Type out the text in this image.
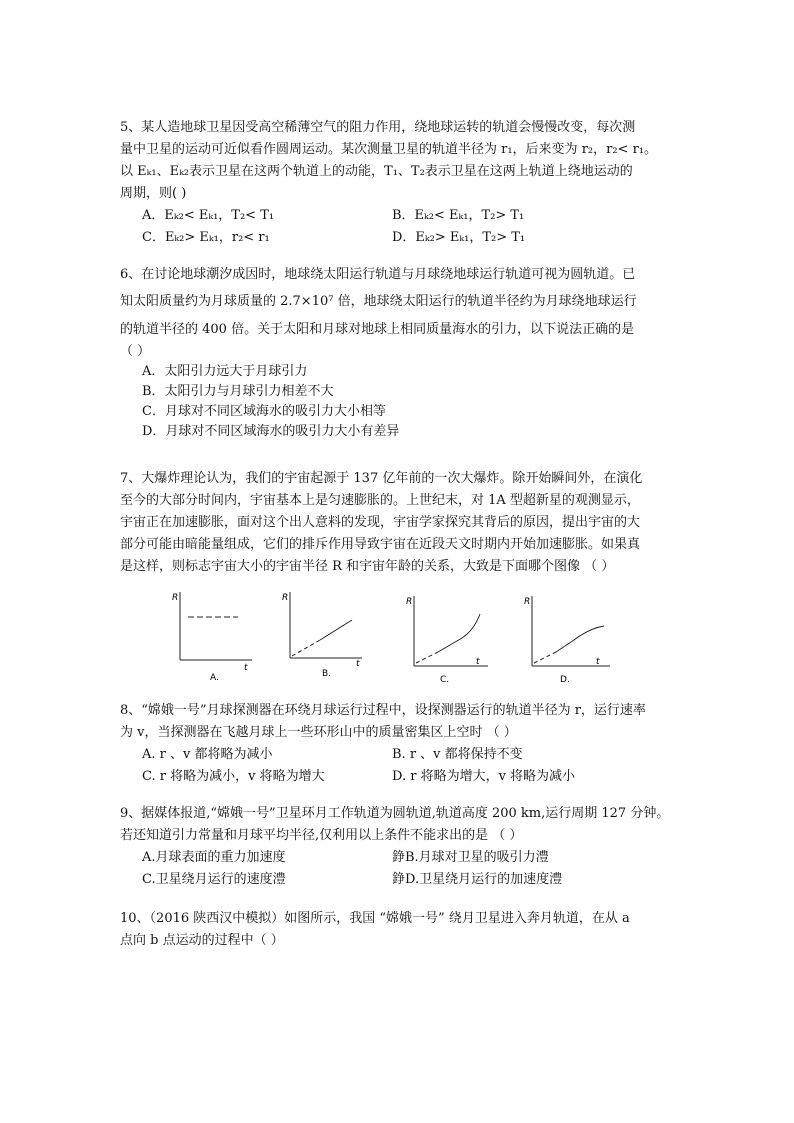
5、某人造地球卫星因受高空稀薄空气的阻力作用，绕地球运转的轨道会慢慢改变，每次测

量中卫星的运动可近似看作圆周运动。某次测量卫星的轨道半径为 r₁，后来变为 r₂，r₂< r₁。

以 Eₖ₁、Eₖ₂表示卫星在这两个轨道上的动能，T₁、T₂表示卫星在这两上轨道上绕地运动的

周期，则( )

A．Eₖ₂< Eₖ₁，T₂< T₁	B．Eₖ₂< Eₖ₁，T₂> T₁
C．Eₖ₂> Eₖ₁，r₂< r₁	D．Eₖ₂> Eₖ₁，T₂> T₁

6、在讨论地球潮汐成因时，地球绕太阳运行轨道与月球绕地球运行轨道可视为圆轨道。已

知太阳质量约为月球质量的 2.7×10⁷ 倍，地球绕太阳运行的轨道半径约为月球绕地球运行

的轨道半径的 400 倍。关于太阳和月球对地球上相同质量海水的引力，以下说法正确的是

（ ）

A．太阳引力远大于月球引力

B．太阳引力与月球引力相差不大

C．月球对不同区域海水的吸引力大小相等

D．月球对不同区域海水的吸引力大小有差异

7、大爆炸理论认为，我们的宇宙起源于 137 亿年前的一次大爆炸。除开始瞬间外，在演化

至今的大部分时间内，宇宙基本上是匀速膨胀的。上世纪末，对 1A 型超新星的观测显示，

宇宙正在加速膨胀，面对这个出人意料的发现，宇宙学家探究其背后的原因，提出宇宙的大

部分可能由暗能量组成，它们的排斥作用导致宇宙在近段天文时期内开始加速膨胀。如果真

是这样，则标志宇宙大小的宇宙半径 R 和宇宙年龄的关系，大致是下面哪个图像 （ ）

R
t
A.
R
t
B.
R
t
C.
R
t
D.

8、“嫦娥一号”月球探测器在环绕月球运行过程中，设探测器运行的轨道半径为 r，运行速率

为 v，当探测器在飞越月球上一些环形山中的质量密集区上空时 （ ）

A. r 、v 都将略为减小	B. r 、v 都将保持不变
C. r 将略为减小，v 将略为增大	D. r 将略为增大，v 将略为减小

9、据媒体报道,“嫦娥一号”卫星环月工作轨道为圆轨道,轨道高度 200 km,运行周期 127 分钟。

若还知道引力常量和月球平均半径,仅利用以上条件不能求出的是 （ ）

A.月球表面的重力加速度	錚B.月球对卫星的吸引力澧
C.卫星绕月运行的速度澧	錚D.卫星绕月运行的加速度澧

10、（2016 陕西汉中模拟）如图所示，我国 “嫦娥一号” 绕月卫星进入奔月轨道，在从 a

点向 b 点运动的过程中（ ）
